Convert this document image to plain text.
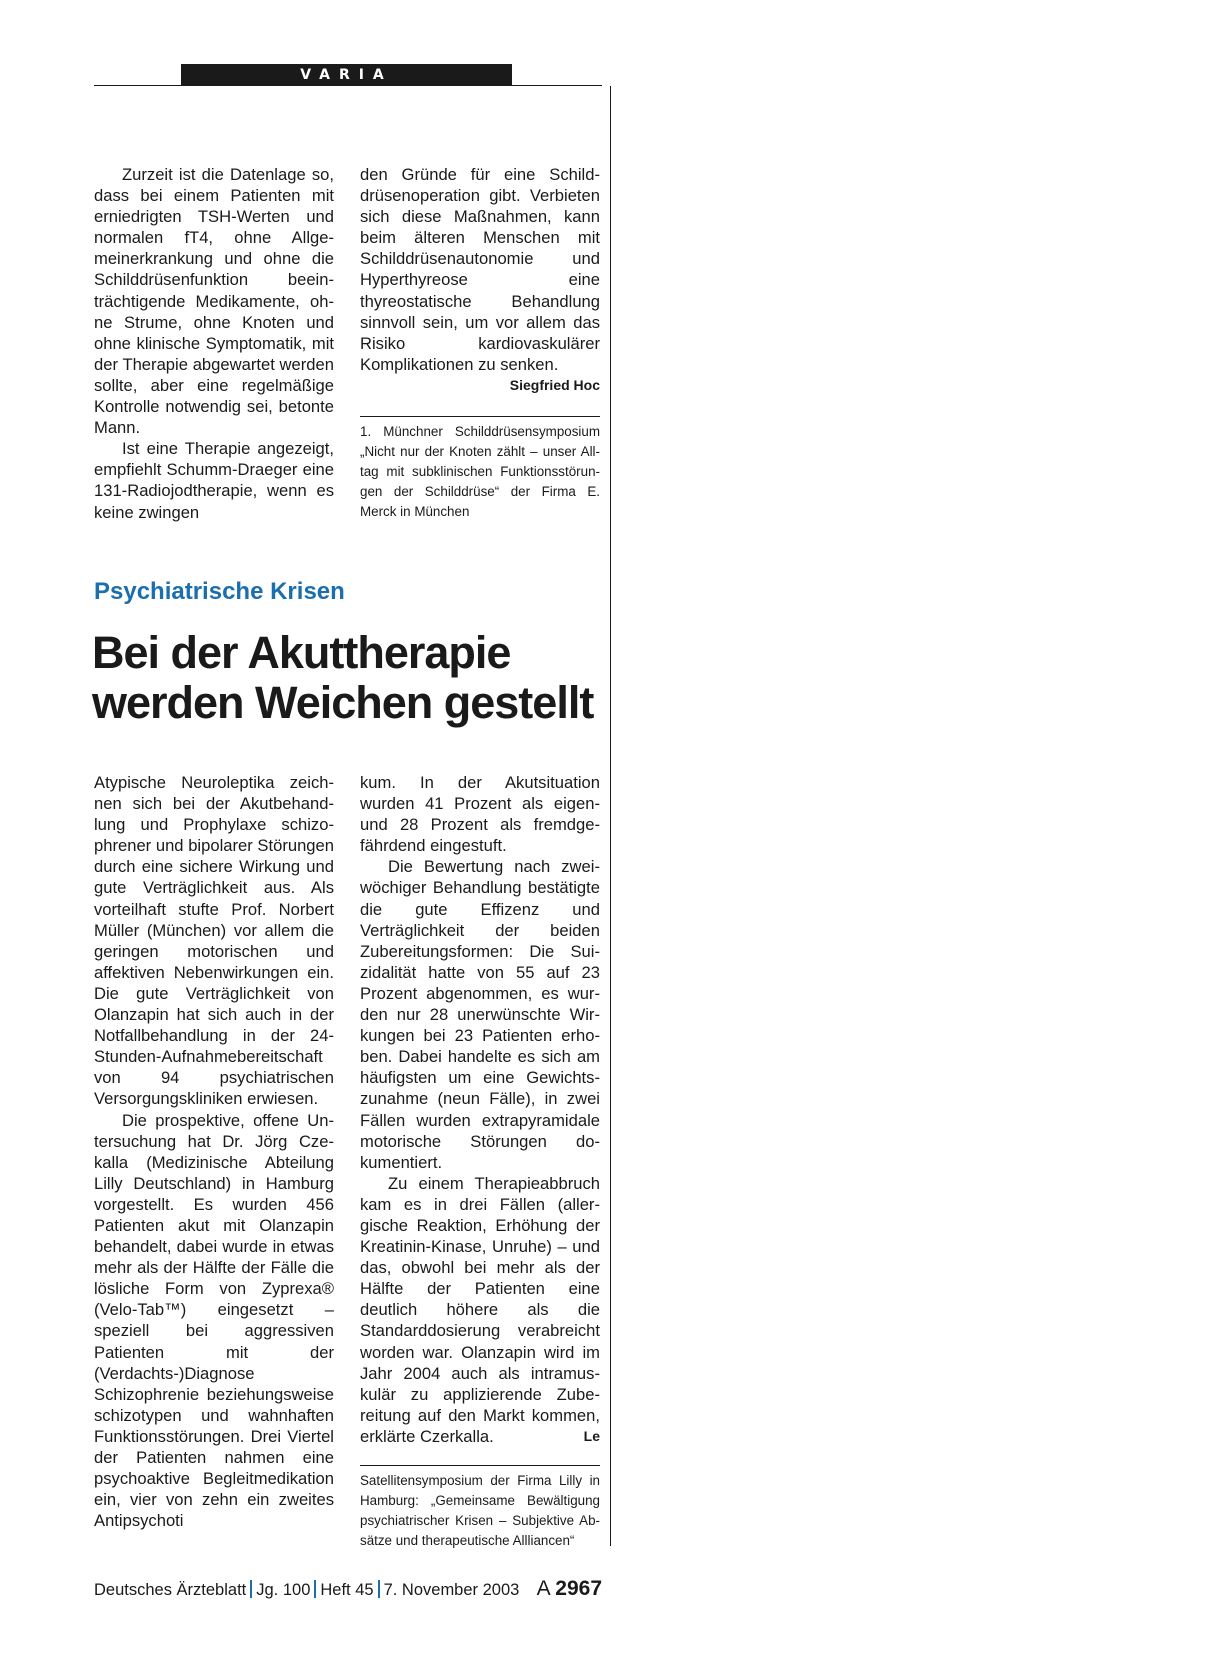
VARIA

Zurzeit ist die Datenlage so, dass bei einem Patienten mit erniedrigten TSH-Werten und normalen fT4, ohne Allgemeinerkrankung und ohne die Schilddrüsenfunktion beeinträchtigende Medikamente, ohne Strume, ohne Knoten und ohne klinische Symptomatik, mit der Therapie abgewartet werden sollte, aber eine regelmäßige Kontrolle notwendig sei, betonte Mann.

Ist eine Therapie angezeigt, empfiehlt Schumm-Draeger eine 131-Radiojodtherapie, wenn es keine zwingen

den Gründe für eine Schilddrüsenoperation gibt. Verbieten sich diese Maßnahmen, kann beim älteren Menschen mit Schilddrüsenautonomie und Hyperthyreose eine thyreostatische Behandlung sinnvoll sein, um vor allem das Risiko kardiovaskulärer Komplikationen zu senken.
Siegfried Hoc

1. Münchner Schilddrüsensymposium „Nicht nur der Knoten zählt – unser Alltag mit subklinischen Funktionsstörungen der Schilddrüse“ der Firma E. Merck in München
Psychiatrische Krisen
Bei der Akuttherapie
werden Weichen gestellt

Atypische Neuroleptika zeichnen sich bei der Akutbehandlung und Prophylaxe schizophrener und bipolarer Störungen durch eine sichere Wirkung und gute Verträglichkeit aus. Als vorteilhaft stufte Prof. Norbert Müller (München) vor allem die geringen motorischen und affektiven Nebenwirkungen ein. Die gute Verträglichkeit von Olanzapin hat sich auch in der Notfallbehandlung in der 24-Stunden-Aufnahmebereitschaft von 94 psychiatrischen Versorgungskliniken erwiesen.

Die prospektive, offene Untersuchung hat Dr. Jörg Czekalla (Medizinische Abteilung Lilly Deutschland) in Hamburg vorgestellt. Es wurden 456 Patienten akut mit Olanzapin behandelt, dabei wurde in etwas mehr als der Hälfte der Fälle die lösliche Form von Zyprexa® (Velo-Tab™) eingesetzt – speziell bei aggressiven Patienten mit der (Verdachts-)Diagnose Schizophrenie beziehungsweise schizotypen und wahnhaften Funktionsstörungen. Drei Viertel der Patienten nahmen eine psychoaktive Begleitmedikation ein, vier von zehn ein zweites Antipsychoti

kum. In der Akutsituation wurden 41 Prozent als eigen- und 28 Prozent als fremdgefährdend eingestuft.

Die Bewertung nach zweiwöchiger Behandlung bestätigte die gute Effizenz und Verträglichkeit der beiden Zubereitungsformen: Die Suizidalität hatte von 55 auf 23 Prozent abgenommen, es wurden nur 28 unerwünschte Wirkungen bei 23 Patienten erhoben. Dabei handelte es sich am häufigsten um eine Gewichtszunahme (neun Fälle), in zwei Fällen wurden extrapyramidale motorische Störungen dokumentiert.

Zu einem Therapieabbruch kam es in drei Fällen (allergische Reaktion, Erhöhung der Kreatinin-Kinase, Unruhe) – und das, obwohl bei mehr als der Hälfte der Patienten eine deutlich höhere als die Standarddosierung verabreicht worden war. Olanzapin wird im Jahr 2004 auch als intramuskulär zu applizierende Zubereitung auf den Markt kommen, erklärte Czerkalla.	Le

Satellitensymposium der Firma Lilly in Hamburg: „Gemeinsame Bewältigung psychiatrischer Krisen – Subjektive Absätze und therapeutische Allliancen“
Deutsches Ärzteblatt Jg. 100 Heft 45 7. November 2003 A 2967
